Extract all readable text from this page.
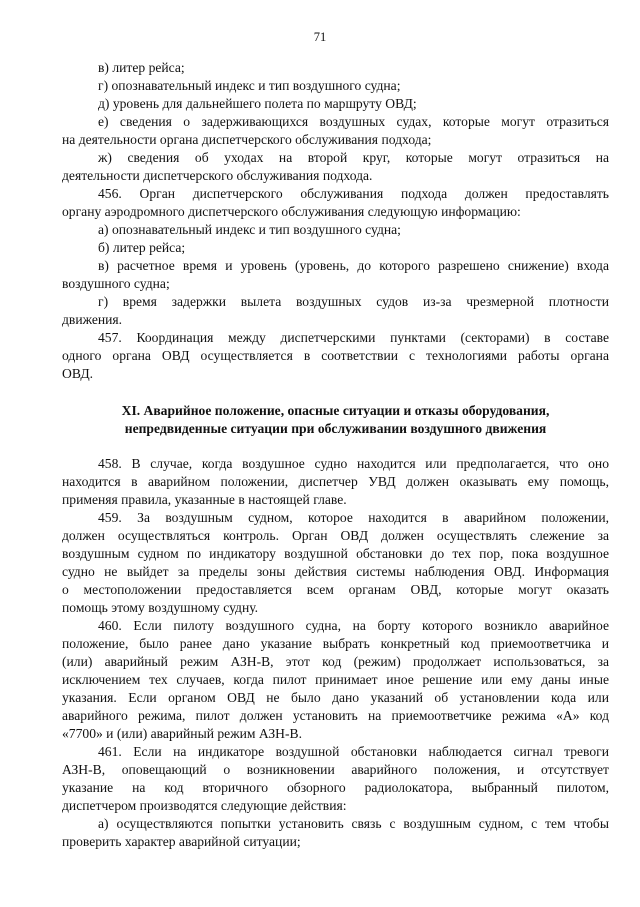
71
в) литер рейса;
г) опознавательный индекс и тип воздушного судна;
д) уровень для дальнейшего полета по маршруту ОВД;
е) сведения о задерживающихся воздушных судах, которые могут отразиться
на деятельности органа диспетчерского обслуживания подхода;
ж) сведения об уходах на второй круг, которые могут отразиться на
деятельности диспетчерского обслуживания подхода.
456. Орган диспетчерского обслуживания подхода должен предоставлять
органу аэродромного диспетчерского обслуживания следующую информацию:
а) опознавательный индекс и тип воздушного судна;
б) литер рейса;
в) расчетное время и уровень (уровень, до которого разрешено снижение) входа
воздушного судна;
г) время задержки вылета воздушных судов из-за чрезмерной плотности
движения.
457. Координация между диспетчерскими пунктами (секторами) в составе
одного органа ОВД осуществляется в соответствии с технологиями работы органа
ОВД.
XI. Аварийное положение, опасные ситуации и отказы оборудования,
непредвиденные ситуации при обслуживании воздушного движения
458. В случае, когда воздушное судно находится или предполагается, что оно
находится в аварийном положении, диспетчер УВД должен оказывать ему помощь,
применяя правила, указанные в настоящей главе.
459. За воздушным судном, которое находится в аварийном положении,
должен осуществляться контроль. Орган ОВД должен осуществлять слежение за
воздушным судном по индикатору воздушной обстановки до тех пор, пока воздушное
судно не выйдет за пределы зоны действия системы наблюдения ОВД. Информация
о местоположении предоставляется всем органам ОВД, которые могут оказать
помощь этому воздушному судну.
460. Если пилоту воздушного судна, на борту которого возникло аварийное
положение, было ранее дано указание выбрать конкретный код приемоответчика и
(или) аварийный режим АЗН-В, этот код (режим) продолжает использоваться, за
исключением тех случаев, когда пилот принимает иное решение или ему даны иные
указания. Если органом ОВД не было дано указаний об установлении кода или
аварийного режима, пилот должен установить на приемоответчике режима «А» код
«7700» и (или) аварийный режим АЗН-В.
461. Если на индикаторе воздушной обстановки наблюдается сигнал тревоги
АЗН-В, оповещающий о возникновении аварийного положения, и отсутствует
указание на код вторичного обзорного радиолокатора, выбранный пилотом,
диспетчером производятся следующие действия:
а) осуществляются попытки установить связь с воздушным судном, с тем чтобы
проверить характер аварийной ситуации;
